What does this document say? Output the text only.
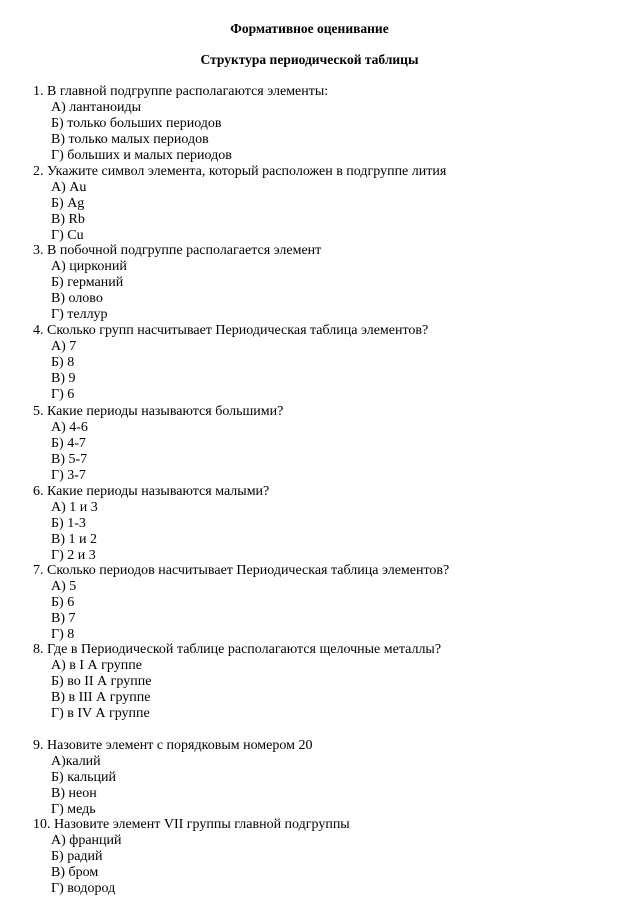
Формативное оценивание
Структура периодической таблицы
1. В главной подгруппе располагаются элементы:
А) лантаноиды
Б) только больших периодов
В) только малых периодов
Г) больших и малых периодов
2. Укажите символ элемента, который расположен в подгруппе лития
А) Au
Б) Ag
В) Rb
Г) Cu
3. В побочной подгруппе располагается элемент
А) цирконий
Б) германий
В) олово
Г) теллур
4. Сколько групп насчитывает Периодическая таблица элементов?
А) 7
Б) 8
В) 9
Г) 6
5. Какие периоды называются большими?
А) 4-6
Б) 4-7
В) 5-7
Г) 3-7
6. Какие периоды называются малыми?
А) 1 и 3
Б) 1-3
В) 1 и 2
Г) 2 и 3
7. Сколько периодов насчитывает Периодическая таблица элементов?
А) 5
Б) 6
В) 7
Г) 8
8. Где в Периодической таблице располагаются щелочные металлы?
А) в I А группе
Б) во II А группе
В) в III А группе
Г) в IV А группе
9. Назовите элемент с порядковым номером 20
А)калий
Б) кальций
В) неон
Г) медь
10. Назовите элемент VII группы главной подгруппы
А) франций
Б) радий
В) бром
Г) водород
